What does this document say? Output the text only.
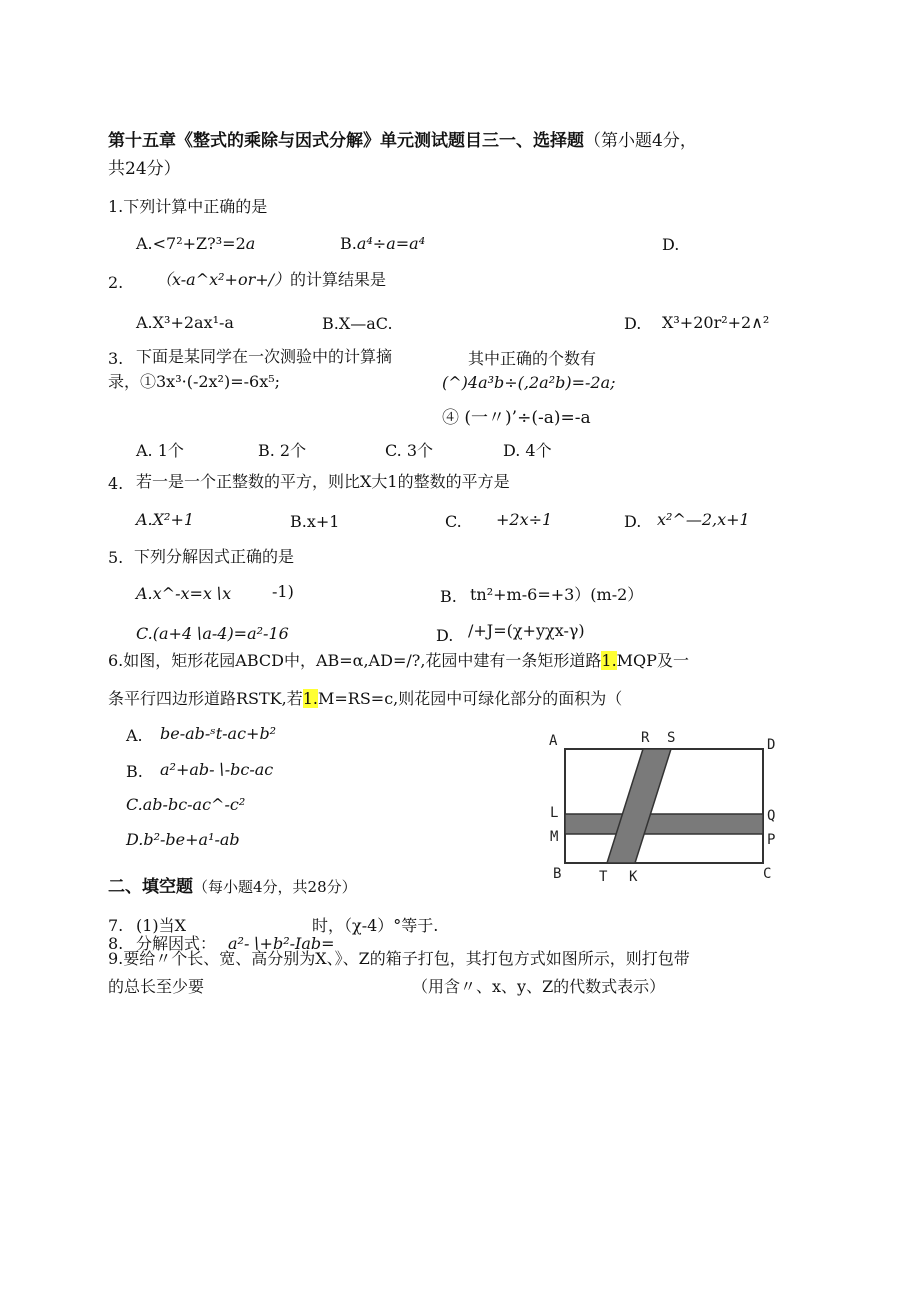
第十五章《整式的乘除与因式分解》单元测试题目三一、选择题（第小题4分，
共24分）
1.下列计算中正确的是
A.<7²+Z?³=2a	B.a⁴÷a=a⁴	D.
2. （x-a^x²+or+/）的计算结果是
A.X³+2ax¹-a	B.X—aC.	D. X³+20r²+2∧²
3. 下面是某同学在一次测验中的计算摘
录，①3x³·(-2x²)=-6x⁵;
其中正确的个数有
(^)4a³b÷(,2a²b)=-2a;
④ (一〃)’÷(-a)=-a
A. 1个	B. 2个	C. 3个	D. 4个
4. 若一是一个正整数的平方，则比X大1的整数的平方是
A.X²+1	B.x+1	C. +2x÷1	D. x²^—2,x+1
5. 下列分解因式正确的是
A.x^-x=x∖x	-1)	B. tn²+m-6=+3）(m-2）
C.(a+4∖a-4)=a²-16	D. /+J=(χ+yχx-γ)
6.如图，矩形花园ABCD中，AB=α,AD=/?,花园中建有一条矩形道路1.MQP及一
条平行四边形道路RSTK,若1.M=RS=c,则花园中可绿化部分的面积为（
A. be-ab-ˢt-ac+b²
B. a²+ab-∖-bc-ac
C.ab-bc-ac^-c²
D.b²-be+a¹-ab
A	R S	D
L	Q
M	P
B	T K	C
二、填空题（每小题4分，共28分）
7. (1)当X	时，（χ-4）°等于.
8. 分解因式： a²-∖+b²-Iab=
9.要给〃个长、宽、高分别为X、》、Z的箱子打包，其打包方式如图所示，则打包带
的总长至少要	（用含〃、x、y、Z的代数式表示）
